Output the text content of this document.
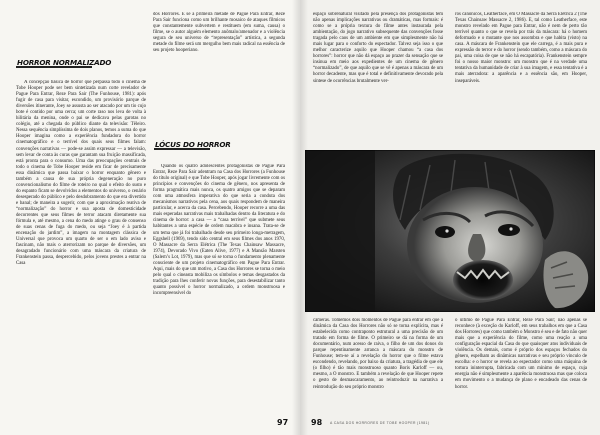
HORROR NORMALIZADO

A concepção básica de horror que perpassa todo o cinema de Tobe Hooper pode ser bem sintetizada num corte revelador de Pague Para Entrar, Reze Para Sair (The Funhouse, 1981): após fugir de casa para visitar, escondido, um provisório parque de diversões itinerante, Joey se assusta ao ser atacado por um tio cujo bote é contido por uma cerca; um corte raso nos leva de volta à hilitária da menina, onde o pai se dedicava pelas garotas no colégio, até a chegada do público diante da televisão: Têleiro. Nessa sequência simplíssima de dois planos, temos a suma do que Hooper imagina como a experiência fundadora do horror cinematográfico e o terrível dos quais seus filmes falam: convenções narrativas — pode-se assim expressar — a televisão, sem levar de conta às curas que garantam sua fruição massificada, está pronta para o consumo. Uma das preocupações centrais de todo o cinema de Tobe Hooper reside em ficar de precisamente essa dinâmica que passa baixar o horror enquanto gênero e também a causa de sua própria degeneração no puro convencionalismo do filme de roteiro no qual o efeito do susto e do espanto ficam se devolvidos a elementos do universo, o cenário desesperado do público e pelo desdobramento do que era divertido e banal; de maneira a sugerir, com que a aproximação reativa de “normalização” do horror e sua aposta de domesticidade decorrentes que seus filmes de terror atacam diretamente sua fórmula e, até mesmo, a cena do medo atinge o grau de consenso de suas cenas de fuga do medo, ou seja “Joey é à partida encenação do jardim”, a imagem na montagem clássica de Universal que provoca um quarto de ser o em lado aviso e fascinam, não mais o aterrorizam no parque de diversões, um desagradado funcionário com uma máscara da criatura de Frankenstein passa, despercebido, pelos jovens prestes a entrar na Casa

dos Horrores. É se a primeira metade de Pague Para Entrar, Reze Para Sair funciona como um brilhante mosaico de ataques fílmicos que constantemente subvertem e restituem (em suma, causa) o filme, se o autor alguém elemento anômalo/amenador e a violência segura de seu universo de “representação” artística, a segunda metade do filme será um mergulho bem mais radical na essência de seu projeto hooperiano.

LÓCUS DO HORROR

Quando os quatro adolescentes protagonistas de Pague Para Entrar, Reze Para Sair adentram na Casa dos Horrores (a Funhouse do título original) e que Tobe Hooper, após jogar livremente com os princípios e convenções do cinema de gênero, nos apresenta de forma pragmática mais nunca, os quatro amigos que se deparam com uma atmosfera imperativa do que seria a conduta dos mecanismos narrativos pela cena, aos quais respondem de maneira particular, e acerca da casa. Percebendo, Hooper recorre a uma das mais esperadas narrativas mais trabalhadas dentro da literatura e do cinema de horror: a casa — a “casa terrível” que submete seus habitantes a uma espécie de ordem macabra e insana. Trata-se de um tema que já foi trabalhado desde seu primeiro longa-metragem, Eggshell (1969), tendo sido central em seus filmes dos anos 1970, O Massacre da Serra Elétrica (The Texas Chainsaw Massacre, 1974), Devorado Vivo (Eaten Alive, 1977) e A Mansão Marsten (Salem’s Lot, 1979), mas que só se torna o fundamento plenamente consciente de um projeto cinematográfico em Pague Para Entrar. Aqui, mais do que um motivo, a Casa dos Horrores se torna o meio pelo qual o cineasta mobiliza os símbolos e temas desgastados da tradição para lhes conferir novas funções, para desestabilizar tanto quanto possível o horror normalizado, a ordem monstruosa e incompreensível do

espaço sobrenatural visitado pela presença dos protagonistas tem não apenas implicações narrativas ou dramáticas, mas formais: é como se a própria textura do filme antes instaurada pela ambientação, do jogo narrativo subsequente das convenções fosse tragada pelo caos de um ambiente em que simplesmente não há mais lugar para o conforto do espectador. Talvez seja isso o que melhor caracterize aquilo que Hooper chamou “a casa dos horrores”: horror que não dá espaço ao prazer da sensação que se insinua em meio aos expedientes de um cinema de gênero “normalizado”, de que aquilo que se vê é apenas a máscara de um horror decadente, mas que é total e definitivamente devorado pela síntese de ocorrências brutalmente ver-

ros canônicos, Leatherface, em O Massacre da Serra Elétrica 2 (The Texas Chainsaw Massacre 2, 1986). E, tal como Leatherface, este monstro revelado em Pague para Entrar, não é nem de perto tão terrível quanto o que se revela por trás da máscara: há o homem deformado e o mutante que nos assombra e que habita (visto) na casa. A máscara de Frankenstein que ele carrega, é a mais pura e expressão do terror e do horror (sendo também, como a máscara do pai, uma coisa de que se não há escapatória). Frankenstein sempre foi o nosso maior monstro: um monstro que é na verdade uma tentativa da humanidade de criar à sua imagem, e essa tentativa é a mais aterradora: a aparência e a essência são, em Hooper, inseparáveis.

câmeras. Tomemos dois momentos de Pague para entrar em que a dinâmica da Casa dos Horrores não só se torna explícita, mas é estabelecida como contraponto estrutural a uma precisão de um tratado em forma de filme. O primeiro se dá na forma de um documentário, num acesso de raiva, o filho de um dos donos do parque repentinamente arranca a máscara do monstro de Funhouse; tem-se aí a revelação do horror que o filme estava escondendo, revelando, por baixo da criatura, a tragédia de que ele (o filho) é tão mais monstruoso quanto Boris Karloff — ou, mesmo, a O monstro. E também a revelação de que Hooper repete o gesto de desmascaramento, ao reintroduzir na narrativa a reintrodução do seu próprio monstro

o último de Pague Para Entrar, Reze Para Sair; não apenas se reconhece (à exceção do Karloff, em seus trabalhos em que a Casa dos Horrores) que como também o Monstro é seu e de fato não quer mais que a experiência do filme, como uma reação a uma configuração espacial da Casa do que quaisquer atos individuais de violência. Os demais, como é próprio dos espaços fechados do gênero, espelham as dinâmicas narrativas e seu próprio vínculo de escolha: e o horror se revela ao espectador como uma máquina de tortura ininterrupta, fabricada com um mínimo de espaço, cuja energia não é simplesmente a aparência monstruosa mas que coloca em movimento o a mudança de plano e encadeado das cenas de horror.

97	98 A CASA DOS HORRORES DE TOBE HOOPER (1981)
